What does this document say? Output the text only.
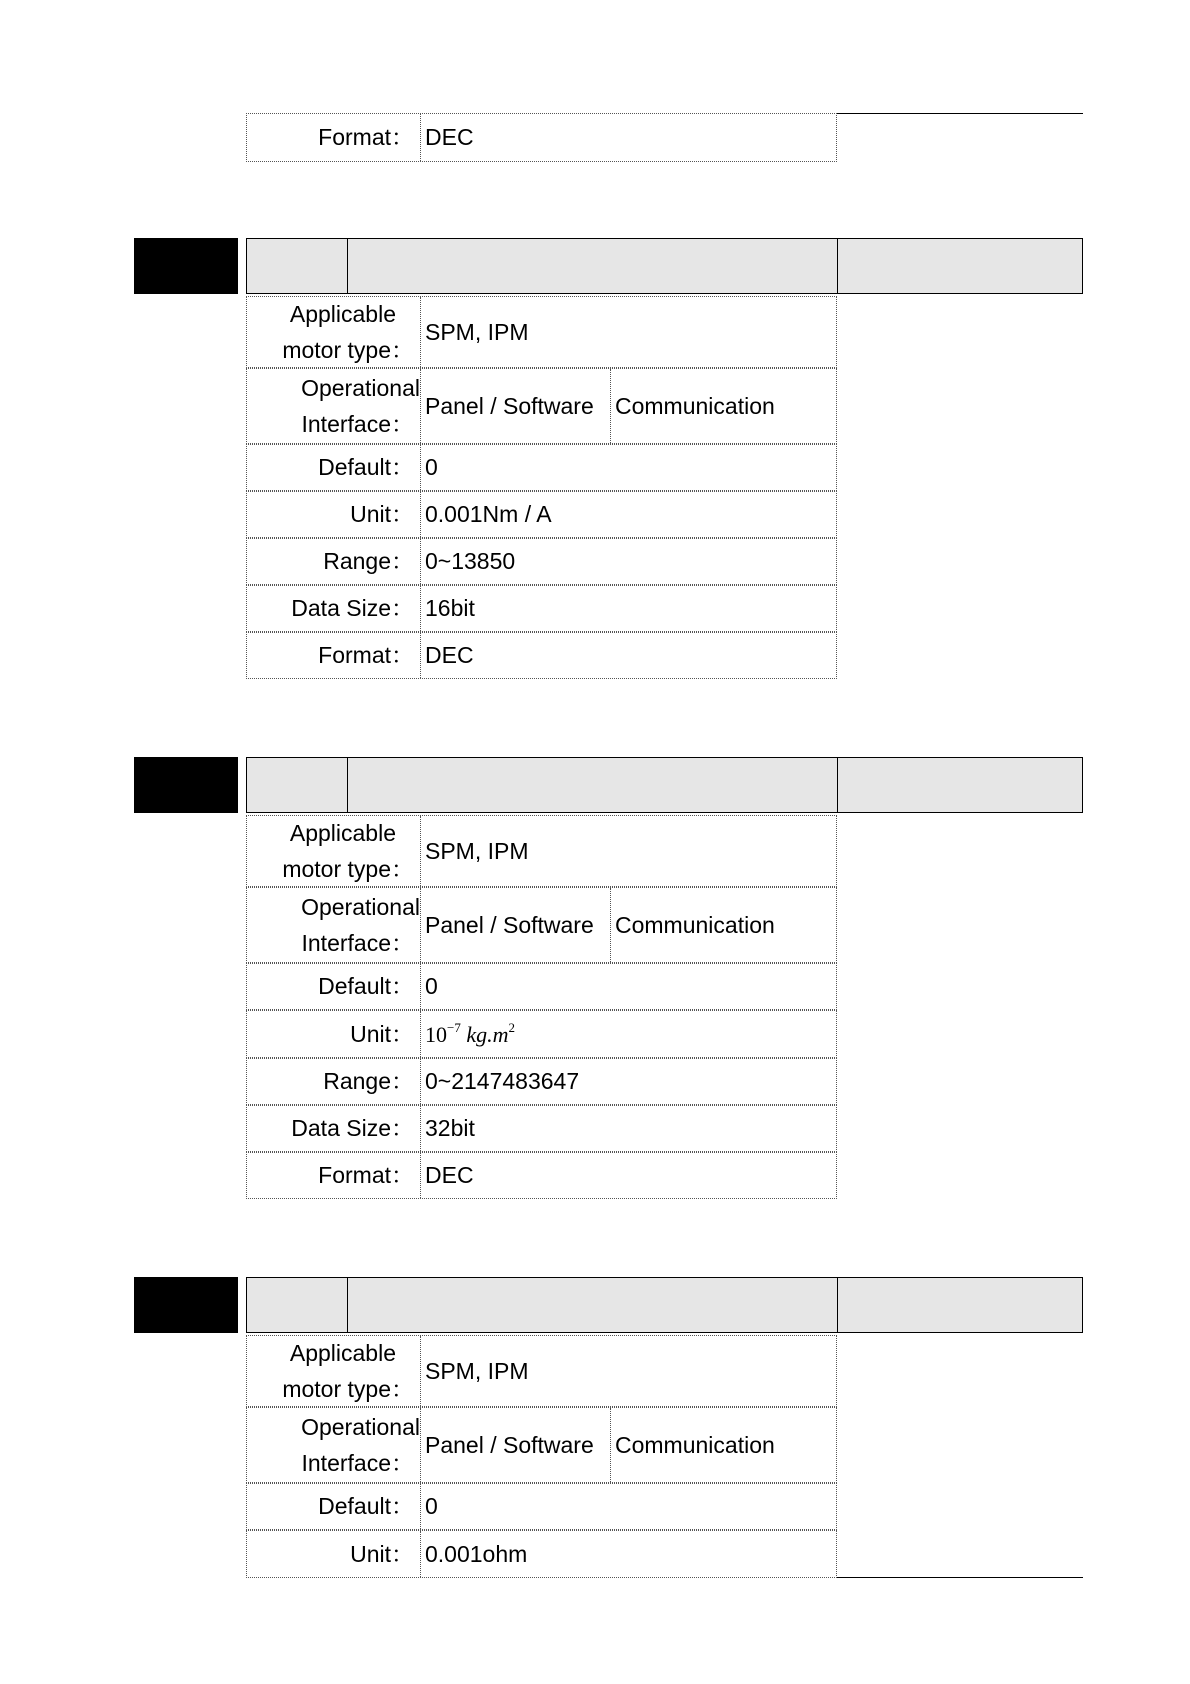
Format： DEC
Applicable
motor type：
SPM, IPM
Operational
Interface：
Panel / Software Communication
Default： 0
Unit： 0.001Nm / A
Range： 0~13850
Data Size： 16bit
Format： DEC
Applicable
motor type：
SPM, IPM
Operational
Interface：
Panel / Software Communication
Default： 0
Unit： $10^{-7}$ $kg.m^2$
Range： 0~2147483647
Data Size： 32bit
Format： DEC
Applicable
motor type：
SPM, IPM
Operational
Interface：
Panel / Software Communication
Default： 0
Unit： 0.001ohm
